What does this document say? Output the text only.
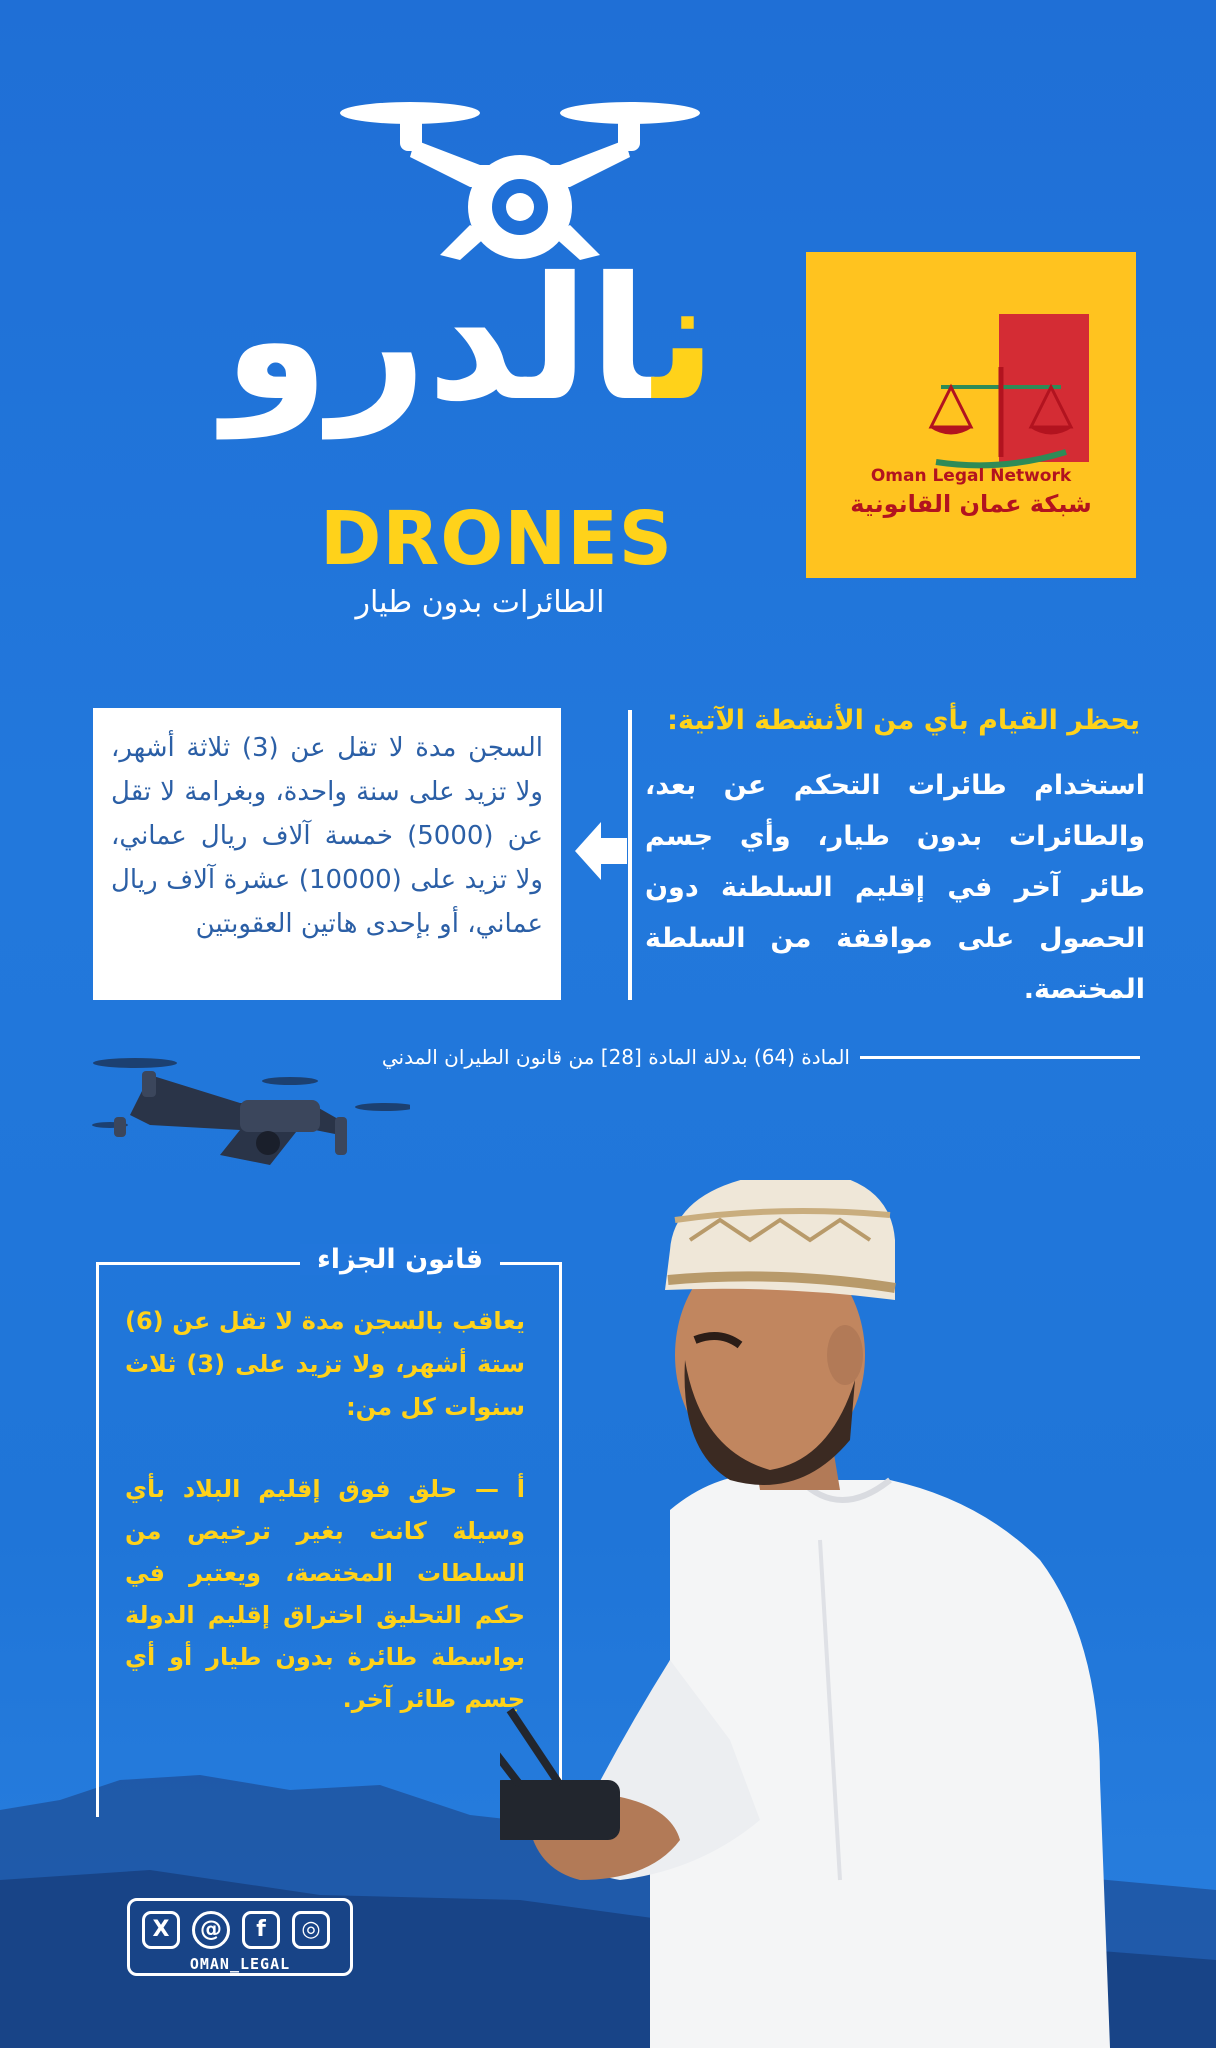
نالدرو
DRONES
الطائرات بدون طيار
Oman Legal Network
شبكة عمان القانونية
يحظر القيام بأي من الأنشطة الآتية:
استخدام طائرات التحكم عن بعد، والطائرات بدون طيار، وأي جسم طائر آخر في إقليم السلطنة دون الحصول على موافقة من السلطة المختصة.
السجن مدة لا تقل عن (3) ثلاثة أشهر، ولا تزيد على سنة واحدة، وبغرامة لا تقل عن (5000) خمسة آلاف ريال عماني، ولا تزيد على (10000) عشرة آلاف ريال عماني، أو بإحدى هاتين العقوبتين
المادة (64) بدلالة المادة [28] من قانون الطيران المدني
قانون الجزاء
يعاقب بالسجن مدة لا تقل عن (6) ستة أشهر، ولا تزيد على (3) ثلاث سنوات كل من:
أ — حلق فوق إقليم البلاد بأي وسيلة كانت بغير ترخيص من السلطات المختصة، ويعتبر في حكم التحليق اختراق إقليم الدولة بواسطة طائرة بدون طيار أو أي جسم طائر آخر.
X	@	f	◎
OMAN_LEGAL
